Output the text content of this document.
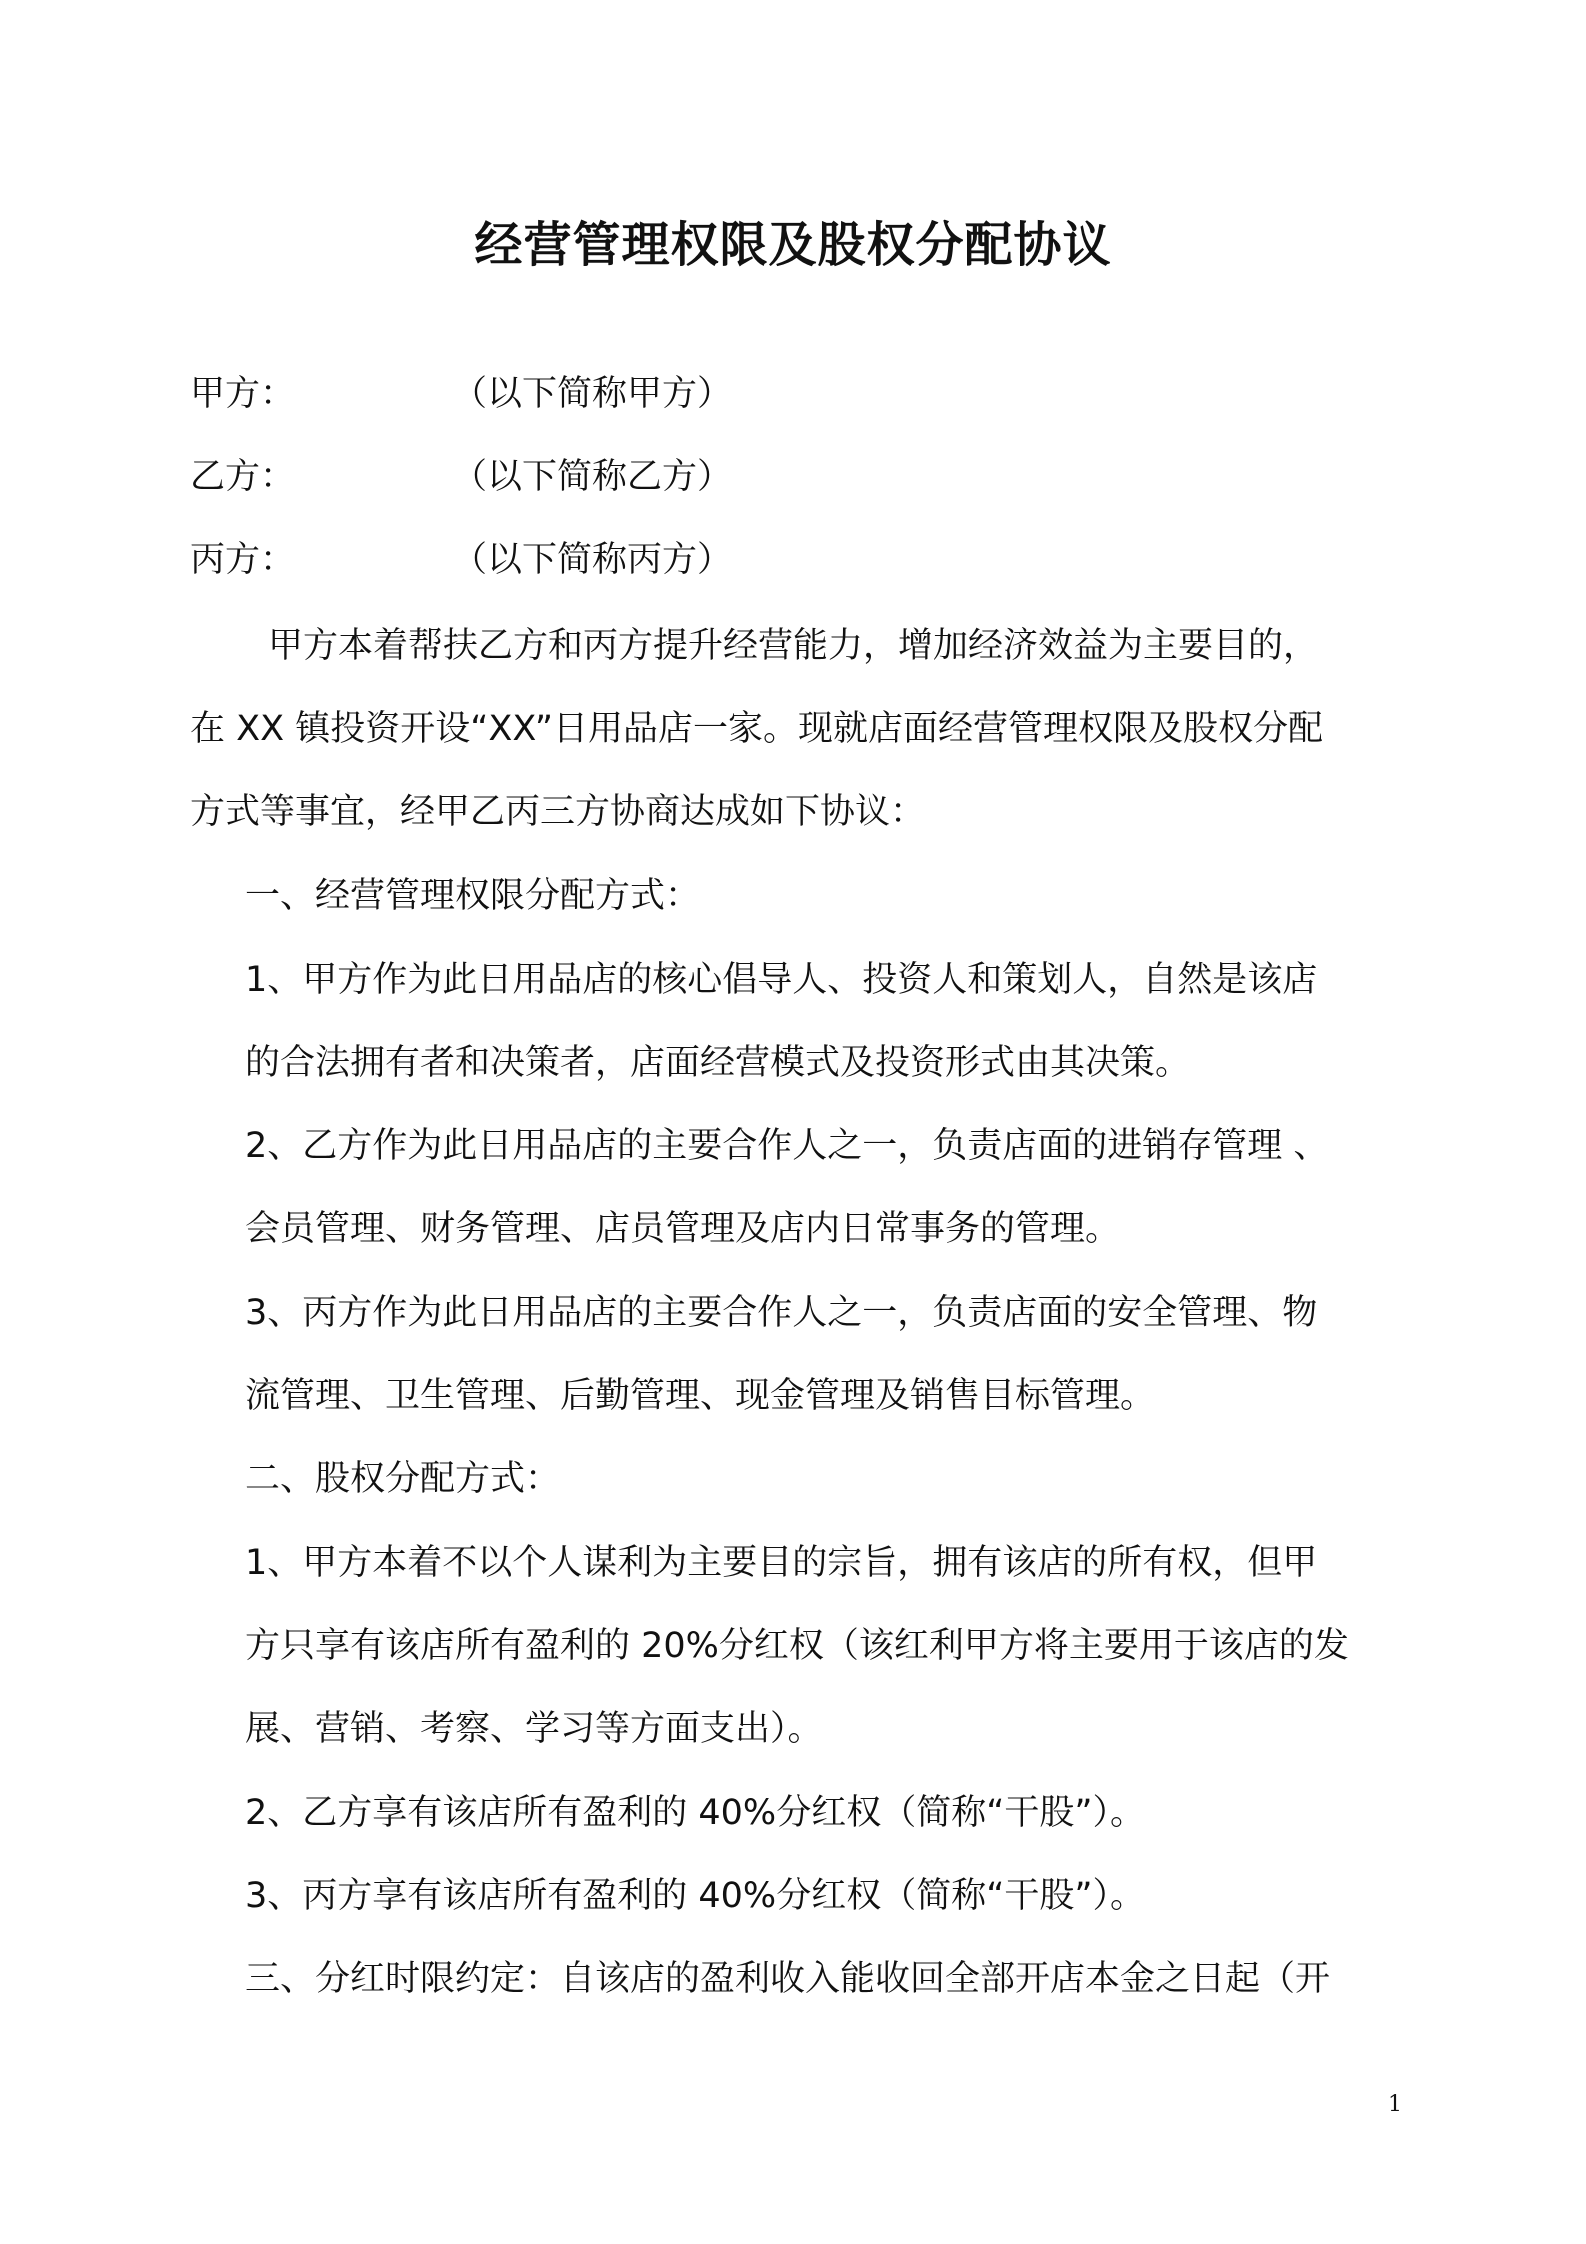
经营管理权限及股权分配协议
甲方：	（以下简称甲方）
乙方：	（以下简称乙方）
丙方：	（以下简称丙方）
甲方本着帮扶乙方和丙方提升经营能力，增加经济效益为主要目的，
在 XX 镇投资开设“XX”日用品店一家。现就店面经营管理权限及股权分配
方式等事宜，经甲乙丙三方协商达成如下协议：
一、经营管理权限分配方式：
1、甲方作为此日用品店的核心倡导人、投资人和策划人，自然是该店
的合法拥有者和决策者，店面经营模式及投资形式由其决策。
2、乙方作为此日用品店的主要合作人之一，负责店面的进销存管理 、
会员管理、财务管理、店员管理及店内日常事务的管理。
3、丙方作为此日用品店的主要合作人之一，负责店面的安全管理、物
流管理、卫生管理、后勤管理、现金管理及销售目标管理。
二、股权分配方式：
1、甲方本着不以个人谋利为主要目的宗旨，拥有该店的所有权，但甲
方只享有该店所有盈利的 20%分红权（该红利甲方将主要用于该店的发
展、营销、考察、学习等方面支出）。
2、乙方享有该店所有盈利的 40%分红权（简称“干股”）。
3、丙方享有该店所有盈利的 40%分红权（简称“干股”）。
三、分红时限约定：自该店的盈利收入能收回全部开店本金之日起（开
1
